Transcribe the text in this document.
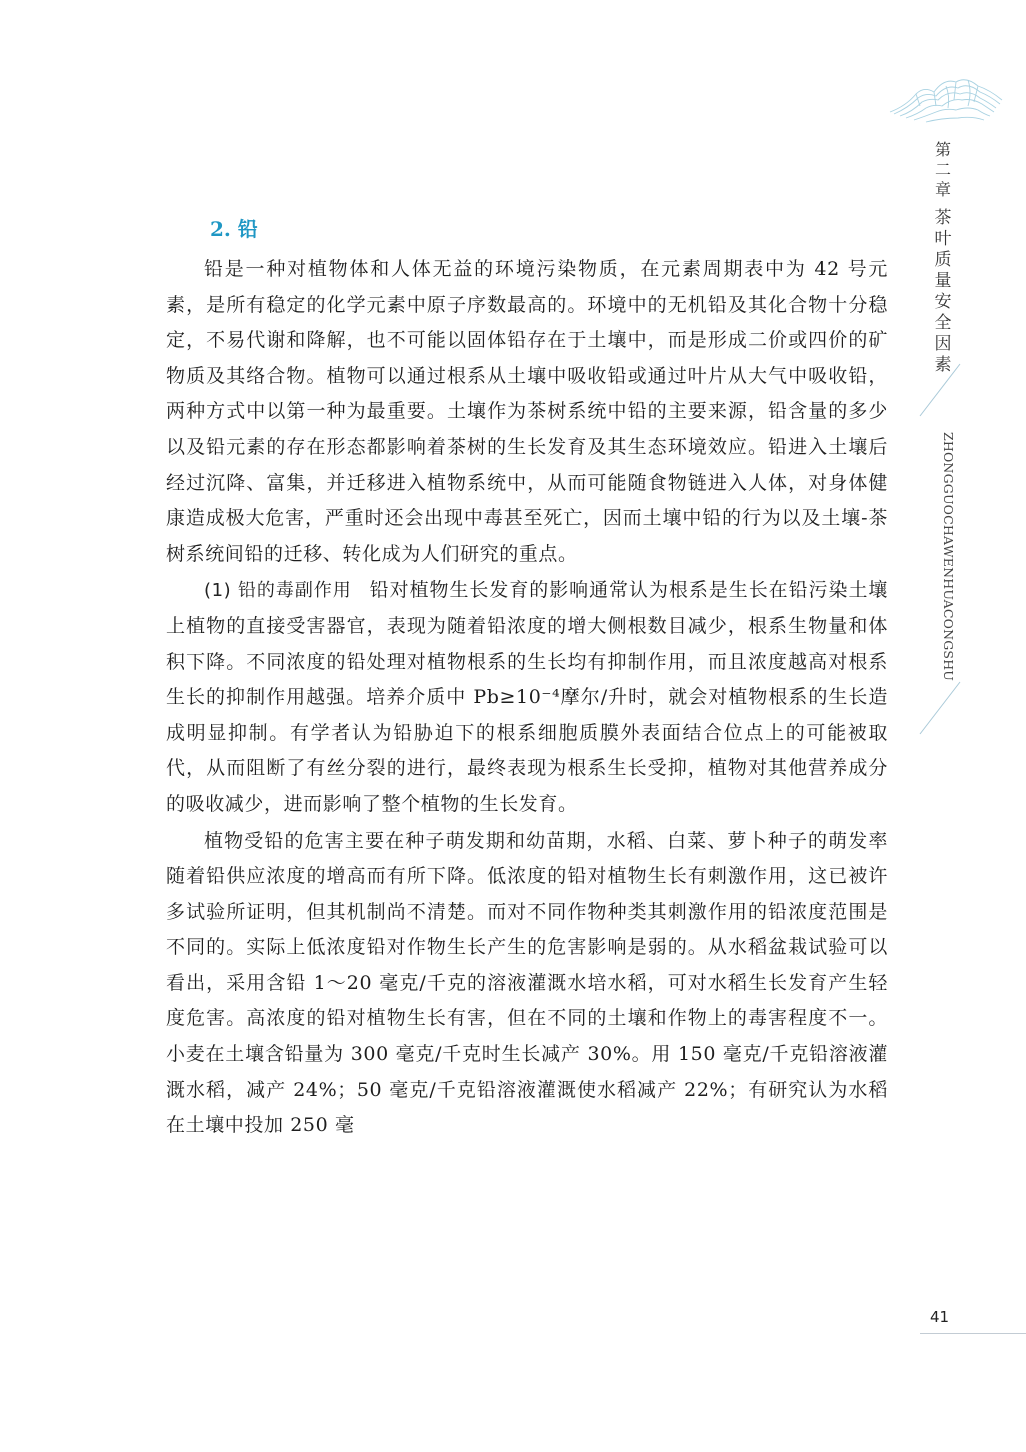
第二章
茶叶质量安全因素
ZHONGGUOCHAWENHUACONGSHU
2. 铅

铅是一种对植物体和人体无益的环境污染物质，在元素周期表中为 42 号元素，是所有稳定的化学元素中原子序数最高的。环境中的无机铅及其化合物十分稳定，不易代谢和降解，也不可能以固体铅存在于土壤中，而是形成二价或四价的矿物质及其络合物。植物可以通过根系从土壤中吸收铅或通过叶片从大气中吸收铅，两种方式中以第一种为最重要。土壤作为茶树系统中铅的主要来源，铅含量的多少以及铅元素的存在形态都影响着茶树的生长发育及其生态环境效应。铅进入土壤后经过沉降、富集，并迁移进入植物系统中，从而可能随食物链进入人体，对身体健康造成极大危害，严重时还会出现中毒甚至死亡，因而土壤中铅的行为以及土壤-茶树系统间铅的迁移、转化成为人们研究的重点。

(1) 铅的毒副作用 铅对植物生长发育的影响通常认为根系是生长在铅污染土壤上植物的直接受害器官，表现为随着铅浓度的增大侧根数目减少，根系生物量和体积下降。不同浓度的铅处理对植物根系的生长均有抑制作用，而且浓度越高对根系生长的抑制作用越强。培养介质中 Pb≥10⁻⁴摩尔/升时，就会对植物根系的生长造成明显抑制。有学者认为铅胁迫下的根系细胞质膜外表面结合位点上的可能被取代，从而阻断了有丝分裂的进行，最终表现为根系生长受抑，植物对其他营养成分的吸收减少，进而影响了整个植物的生长发育。

植物受铅的危害主要在种子萌发期和幼苗期，水稻、白菜、萝卜种子的萌发率随着铅供应浓度的增高而有所下降。低浓度的铅对植物生长有刺激作用，这已被许多试验所证明，但其机制尚不清楚。而对不同作物种类其刺激作用的铅浓度范围是不同的。实际上低浓度铅对作物生长产生的危害影响是弱的。从水稻盆栽试验可以看出，采用含铅 1～20 毫克/千克的溶液灌溉水培水稻，可对水稻生长发育产生轻度危害。高浓度的铅对植物生长有害，但在不同的土壤和作物上的毒害程度不一。小麦在土壤含铅量为 300 毫克/千克时生长减产 30%。用 150 毫克/千克铅溶液灌溉水稻，减产 24%；50 毫克/千克铅溶液灌溉使水稻减产 22%；有研究认为水稻在土壤中投加 250 毫

41
